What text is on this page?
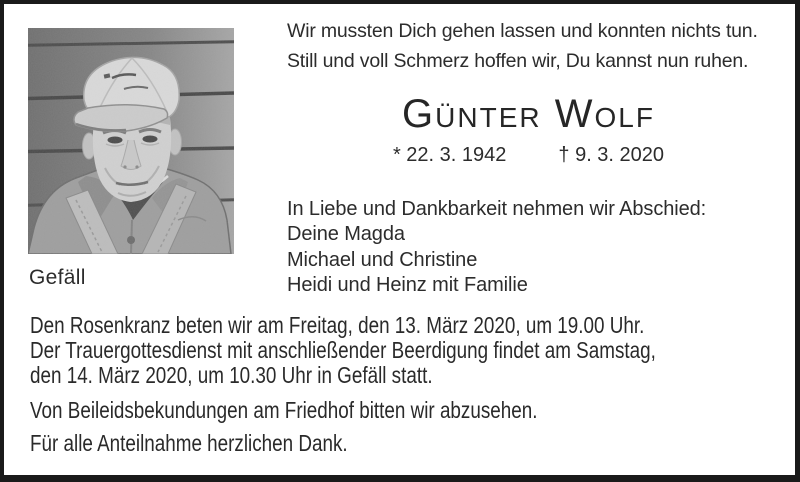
Gefäll
Wir mussten Dich gehen lassen und konnten nichts tun.
Still und voll Schmerz hoffen wir, Du kannst nun ruhen.
Günter Wolf
* 22. 3. 1942	† 9. 3. 2020
In Liebe und Dankbarkeit nehmen wir Abschied:
Deine Magda
Michael und Christine
Heidi und Heinz mit Familie
Den Rosenkranz beten wir am Freitag, den 13. März 2020, um 19.00 Uhr.
Der Trauergottesdienst mit anschließender Beerdigung findet am Samstag,
den 14. März 2020, um 10.30 Uhr in Gefäll statt.
Von Beileidsbekundungen am Friedhof bitten wir abzusehen.
Für alle Anteilnahme herzlichen Dank.
